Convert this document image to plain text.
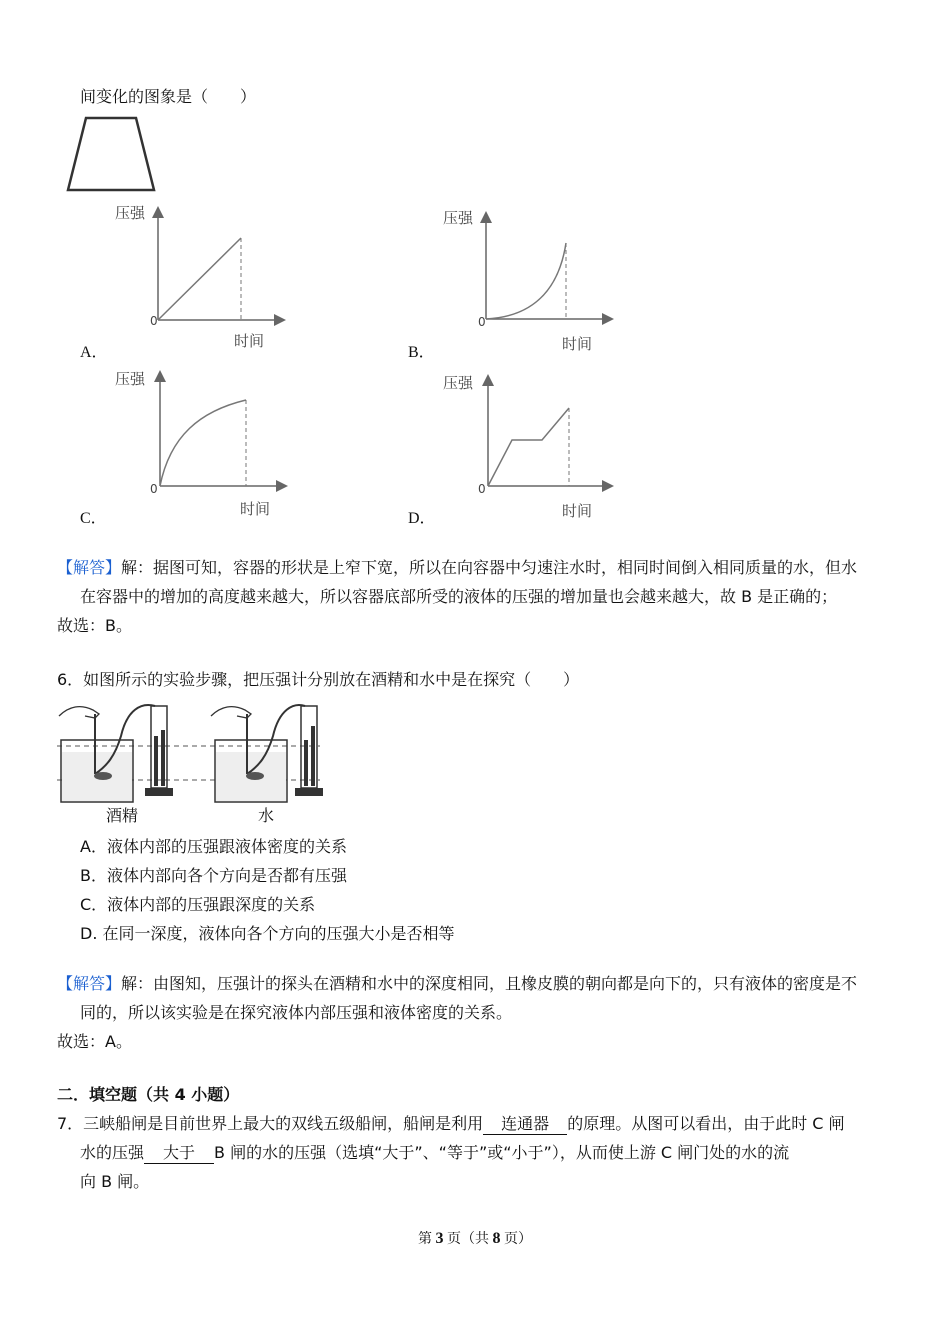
间变化的图象是（　　）
压强
时间
0
A．
压强
时间
0
B．
压强
时间
0
C．
压强
时间
0
D．
【解答】解：据图可知，容器的形状是上窄下宽，所以在向容器中匀速注水时，相同时间倒入相同质量的水，但水
在容器中的增加的高度越来越大，所以容器底部所受的液体的压强的增加量也会越来越大，故 B 是正确的；
故选：B。
6．如图所示的实验步骤，把压强计分别放在酒精和水中是在探究（　　）
酒精	水
A．液体内部的压强跟液体密度的关系
B．液体内部向各个方向是否都有压强
C．液体内部的压强跟深度的关系
D. 在同一深度，液体向各个方向的压强大小是否相等
【解答】解：由图知，压强计的探头在酒精和水中的深度相同，且橡皮膜的朝向都是向下的，只有液体的密度是不
同的，所以该实验是在探究液体内部压强和液体密度的关系。
故选：A。
二．填空题（共 4 小题）
7．三峡船闸是目前世界上最大的双线五级船闸，船闸是利用 连通器 的原理。从图可以看出，由于此时 C 闸
水的压强 大于 B 闸的水的压强（选填“大于”、“等于”或“小于”），从而使上游 C 闸门处的水的流
向 B 闸。
第 3 页（共 8 页）
